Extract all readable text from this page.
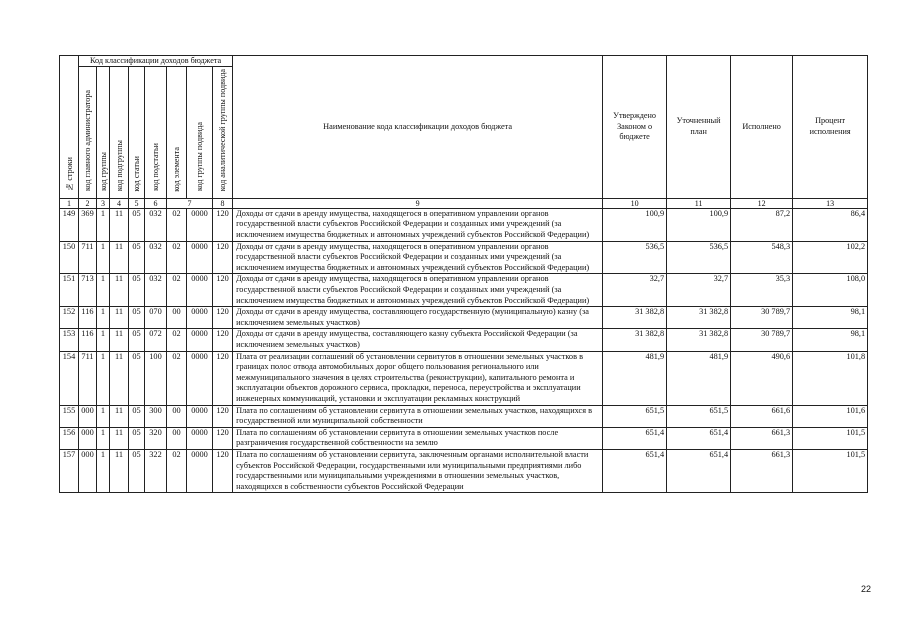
№ строки	Код классификации доходов бюджета								Наименование кода классификации доходов бюджета	Утверждено Законом о бюджете	Уточненный план	Исполнено	Процент исполнения
	код главного администратора	код группы	код подгруппы	код статьи	код подстатьи	код элемента	код группы подвида	код аналитической группы подвида					
1	2	3	4	5	6	7		8	9	10	11	12	13
149	369	1	11	05	032	02	0000	120	Доходы от сдачи в аренду имущества, находящегося в оперативном управлении органов государственной власти субъектов Российской Федерации и созданных ими учреждений (за исключением имущества бюджетных и автономных учреждений субъектов Российской Федерации)	100,9	100,9	87,2	86,4
150	711	1	11	05	032	02	0000	120	Доходы от сдачи в аренду имущества, находящегося в оперативном управлении органов государственной власти субъектов Российской Федерации и созданных ими учреждений (за исключением имущества бюджетных и автономных учреждений субъектов Российской Федерации)	536,5	536,5	548,3	102,2
151	713	1	11	05	032	02	0000	120	Доходы от сдачи в аренду имущества, находящегося в оперативном управлении органов государственной власти субъектов Российской Федерации и созданных ими учреждений (за исключением имущества бюджетных и автономных учреждений субъектов Российской Федерации)	32,7	32,7	35,3	108,0
152	116	1	11	05	070	00	0000	120	Доходы от сдачи в аренду имущества, составляющего государственную (муниципальную) казну (за исключением земельных участков)	31 382,8	31 382,8	30 789,7	98,1
153	116	1	11	05	072	02	0000	120	Доходы от сдачи в аренду имущества, составляющего казну субъекта Российской Федерации (за исключением земельных участков)	31 382,8	31 382,8	30 789,7	98,1
154	711	1	11	05	100	02	0000	120	Плата от реализации соглашений об установлении сервитутов в отношении земельных участков в границах полос отвода автомобильных дорог общего пользования регионального или межмуниципального значения в целях строительства (реконструкции), капитального ремонта и эксплуатации объектов дорожного сервиса, прокладки, переноса, переустройства и эксплуатации инженерных коммуникаций, установки и эксплуатации рекламных конструкций	481,9	481,9	490,6	101,8
155	000	1	11	05	300	00	0000	120	Плата по соглашениям об установлении сервитута в отношении земельных участков, находящихся в государственной или муниципальной собственности	651,5	651,5	661,6	101,6
156	000	1	11	05	320	00	0000	120	Плата по соглашениям об установлении сервитута в отношении земельных участков после разграничения государственной собственности на землю	651,4	651,4	661,3	101,5
157	000	1	11	05	322	02	0000	120	Плата по соглашениям об установлении сервитута, заключенным органами исполнительной власти субъектов Российской Федерации, государственными или муниципальными предприятиями либо государственными или муниципальными учреждениями в отношении земельных участков, находящихся в собственности субъектов Российской Федерации	651,4	651,4	661,3	101,5
22
